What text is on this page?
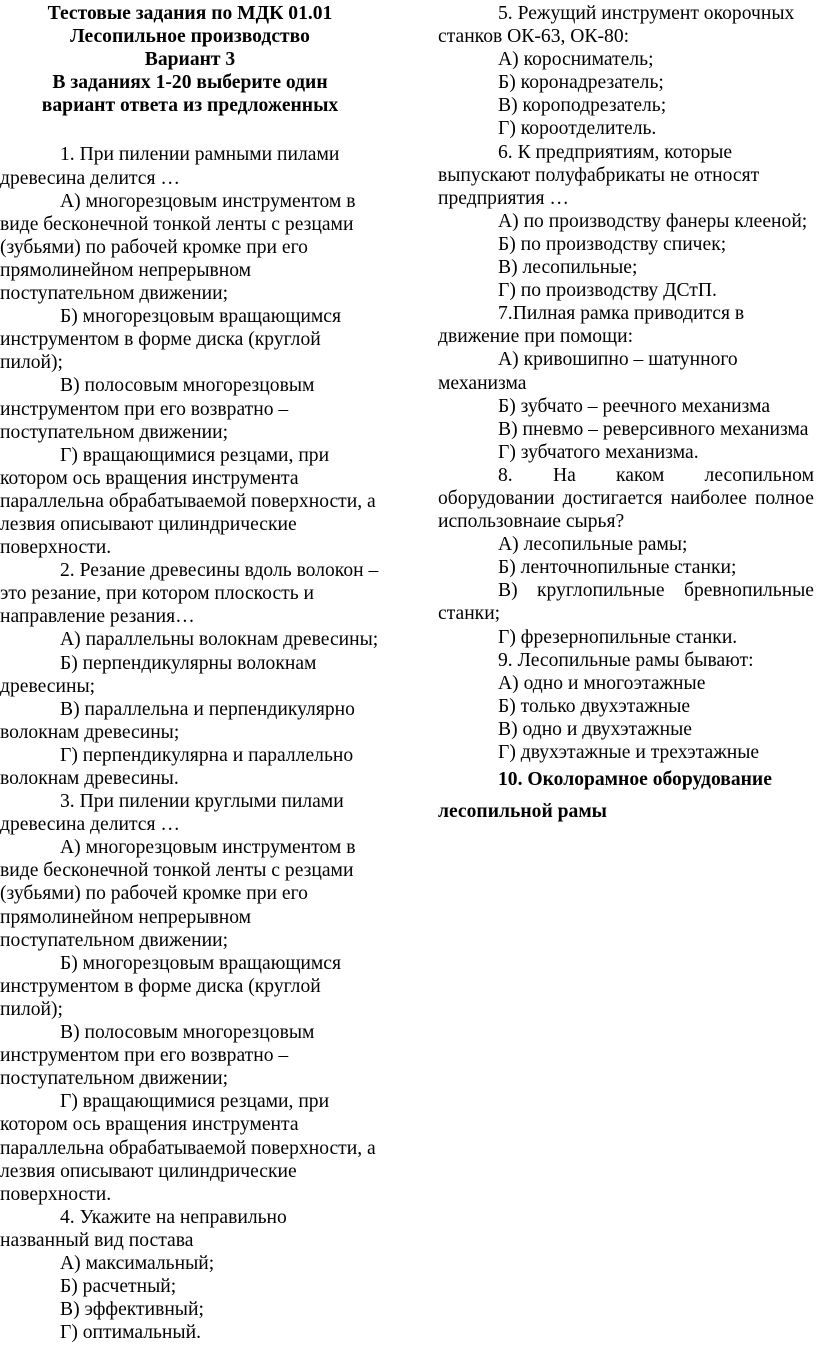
Тестовые задания по МДК 01.01
Лесопильное производство
Вариант 3
В заданиях 1-20 выберите один
вариант ответа из предложенных

1. При пилении рамными пилами древесина делится …

А) многорезцовым инструментом в виде бесконечной тонкой ленты с резцами (зубьями) по рабочей кромке при его прямолинейном непрерывном поступательном движении;

Б) многорезцовым вращающимся инструментом в форме диска (круглой пилой);

В) полосовым многорезцовым инструментом при его возвратно – поступательном движении;

Г) вращающимися резцами, при котором ось вращения инструмента параллельна обрабатываемой поверхности, а лезвия описывают цилиндрические поверхности.

2. Резание древесины вдоль волокон – это резание, при котором плоскость и направление резания…

А) параллельны волокнам древесины;

Б) перпендикулярны волокнам древесины;

В) параллельна и перпендикулярно волокнам древесины;

Г) перпендикулярна и параллельно волокнам древесины.

3. При пилении круглыми пилами древесина делится …

А) многорезцовым инструментом в виде бесконечной тонкой ленты с резцами (зубьями) по рабочей кромке при его прямолинейном непрерывном поступательном движении;

Б) многорезцовым вращающимся инструментом в форме диска (круглой пилой);

В) полосовым многорезцовым инструментом при его возвратно – поступательном движении;

Г) вращающимися резцами, при котором ось вращения инструмента параллельна обрабатываемой поверхности, а лезвия описывают цилиндрические поверхности.

4. Укажите на неправильно названный вид постава

А) максимальный;

Б) расчетный;

В) эффективный;

Г) оптимальный.

5. Режущий инструмент окорочных станков ОК-63, ОК-80:

А) коросниматель;

Б) коронадрезатель;

В) короподрезатель;

Г) короотделитель.

6. К предприятиям, которые выпускают полуфабрикаты не относят предприятия …

А) по производству фанеры клееной;

Б) по производству спичек;

В) лесопильные;

Г) по производству ДСтП.

7.Пилная рамка приводится в движение при помощи:

А) кривошипно – шатунного механизма

Б) зубчато – реечного механизма

В) пневмо – реверсивного механизма

Г) зубчатого механизма.

8. На каком лесопильном оборудовании достигается наиболее полное использовнаие сырья?

А) лесопильные рамы;

Б) ленточнопильные станки;

В) круглопильные бревнопильные станки;

Г) фрезернопильные станки.

9. Лесопильные рамы бывают:

А) одно и многоэтажные

Б) только двухэтажные

В) одно и двухэтажные

Г) двухэтажные и трехэтажные

10. Околорамное оборудование лесопильной рамы
